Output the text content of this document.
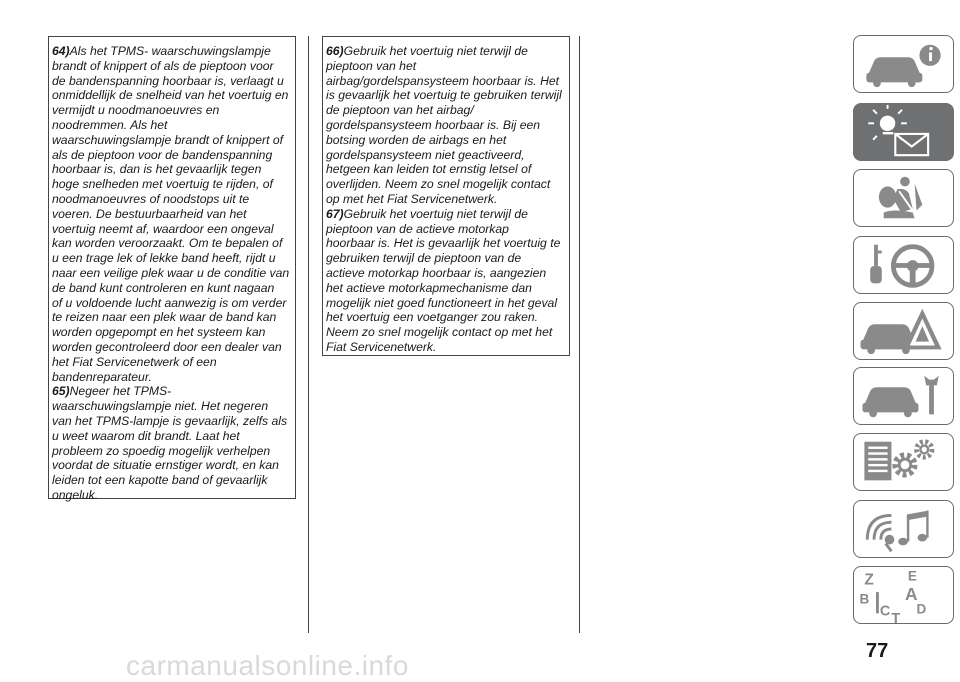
64)Als het TPMS- waarschuwingslampje
brandt of knippert of als de pieptoon voor
de bandenspanning hoorbaar is, verlaagt u
onmiddellijk de snelheid van het voertuig en
vermijdt u noodmanoeuvres en
noodremmen. Als het
waarschuwingslampje brandt of knippert of
als de pieptoon voor de bandenspanning
hoorbaar is, dan is het gevaarlijk tegen
hoge snelheden met voertuig te rijden, of
noodmanoeuvres of noodstops uit te
voeren. De bestuurbaarheid van het
voertuig neemt af, waardoor een ongeval
kan worden veroorzaakt. Om te bepalen of
u een trage lek of lekke band heeft, rijdt u
naar een veilige plek waar u de conditie van
de band kunt controleren en kunt nagaan
of u voldoende lucht aanwezig is om verder
te reizen naar een plek waar de band kan
worden opgepompt en het systeem kan
worden gecontroleerd door een dealer van
het Fiat Servicenetwerk of een
bandenreparateur.
65)Negeer het TPMS-
waarschuwingslampje niet. Het negeren
van het TPMS-lampje is gevaarlijk, zelfs als
u weet waarom dit brandt. Laat het
probleem zo spoedig mogelijk verhelpen
voordat de situatie ernstiger wordt, en kan
leiden tot een kapotte band of gevaarlijk
ongeluk.
66)Gebruik het voertuig niet terwijl de
pieptoon van het
airbag/gordelspansysteem hoorbaar is. Het
is gevaarlijk het voertuig te gebruiken terwijl
de pieptoon van het airbag/
gordelspansysteem hoorbaar is. Bij een
botsing worden de airbags en het
gordelspansysteem niet geactiveerd,
hetgeen kan leiden tot ernstig letsel of
overlijden. Neem zo snel mogelijk contact
op met het Fiat Servicenetwerk.
67)Gebruik het voertuig niet terwijl de
pieptoon van de actieve motorkap
hoorbaar is. Het is gevaarlijk het voertuig te
gebruiken terwijl de pieptoon van de
actieve motorkap hoorbaar is, aangezien
het actieve motorkapmechanisme dan
mogelijk niet goed functioneert in het geval
het voertuig een voetganger zou raken.
Neem zo snel mogelijk contact op met het
Fiat Servicenetwerk.
Z E
B A
C D
T
77
carmanualsonline.info
